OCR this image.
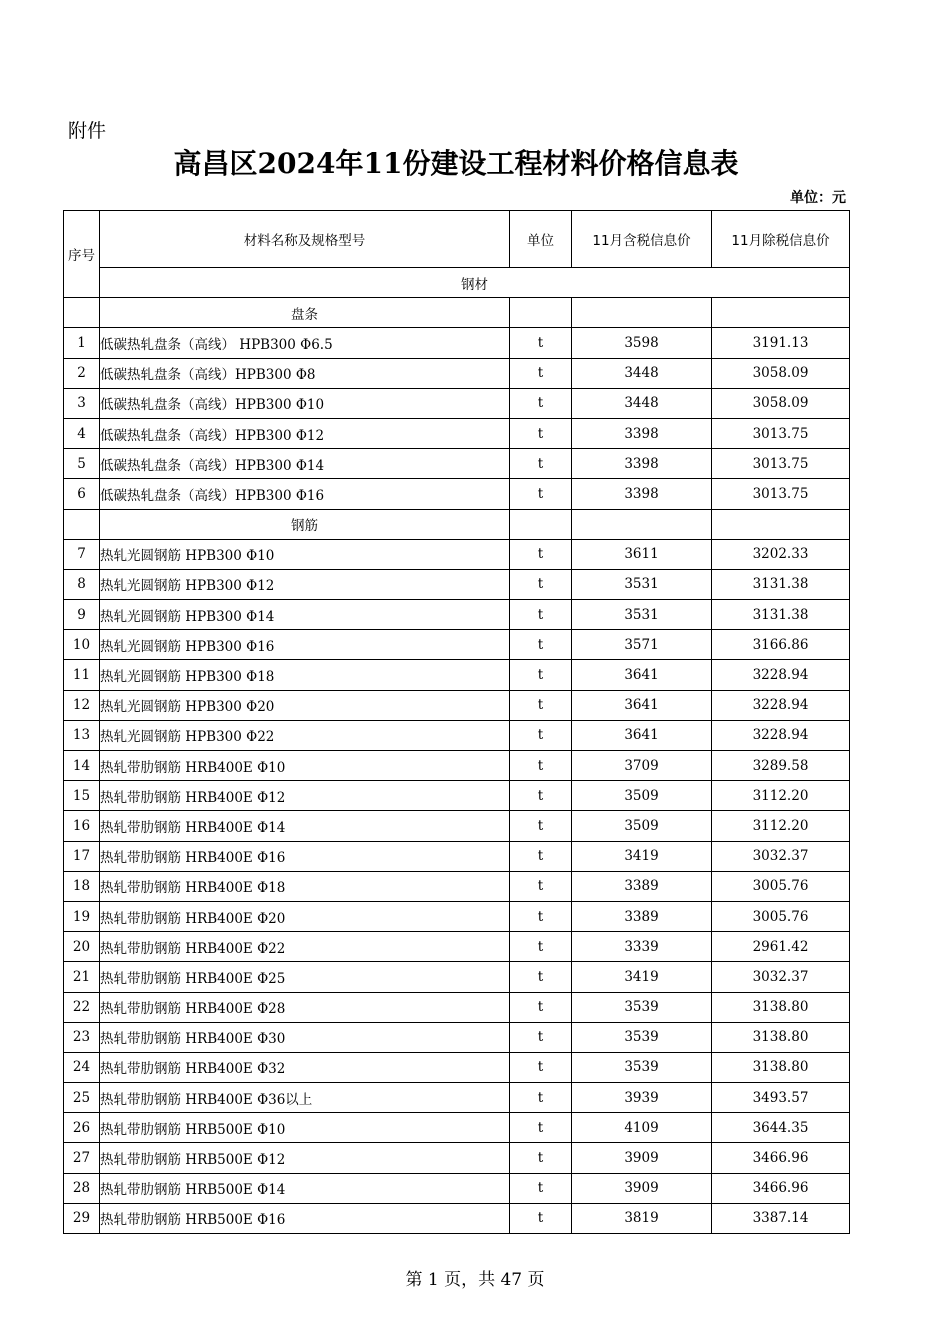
附件
高昌区2024年11份建设工程材料价格信息表
单位：元
序号	材料名称及规格型号	单位	11月含税信息价	11月除税信息价
	钢材			
	盘条			
1	低碳热轧盘条（高线） HPB300 Φ6.5	t	3598	3191.13
2	低碳热轧盘条（高线）HPB300 Φ8	t	3448	3058.09
3	低碳热轧盘条（高线）HPB300 Φ10	t	3448	3058.09
4	低碳热轧盘条（高线）HPB300 Φ12	t	3398	3013.75
5	低碳热轧盘条（高线）HPB300 Φ14	t	3398	3013.75
6	低碳热轧盘条（高线）HPB300 Φ16	t	3398	3013.75
	钢筋			
7	热轧光圆钢筋 HPB300 Φ10	t	3611	3202.33
8	热轧光圆钢筋 HPB300 Φ12	t	3531	3131.38
9	热轧光圆钢筋 HPB300 Φ14	t	3531	3131.38
10	热轧光圆钢筋 HPB300 Φ16	t	3571	3166.86
11	热轧光圆钢筋 HPB300 Φ18	t	3641	3228.94
12	热轧光圆钢筋 HPB300 Φ20	t	3641	3228.94
13	热轧光圆钢筋 HPB300 Φ22	t	3641	3228.94
14	热轧带肋钢筋 HRB400E Φ10	t	3709	3289.58
15	热轧带肋钢筋 HRB400E Φ12	t	3509	3112.20
16	热轧带肋钢筋 HRB400E Φ14	t	3509	3112.20
17	热轧带肋钢筋 HRB400E Φ16	t	3419	3032.37
18	热轧带肋钢筋 HRB400E Φ18	t	3389	3005.76
19	热轧带肋钢筋 HRB400E Φ20	t	3389	3005.76
20	热轧带肋钢筋 HRB400E Φ22	t	3339	2961.42
21	热轧带肋钢筋 HRB400E Φ25	t	3419	3032.37
22	热轧带肋钢筋 HRB400E Φ28	t	3539	3138.80
23	热轧带肋钢筋 HRB400E Φ30	t	3539	3138.80
24	热轧带肋钢筋 HRB400E Φ32	t	3539	3138.80
25	热轧带肋钢筋 HRB400E Φ36以上	t	3939	3493.57
26	热轧带肋钢筋 HRB500E Φ10	t	4109	3644.35
27	热轧带肋钢筋 HRB500E Φ12	t	3909	3466.96
28	热轧带肋钢筋 HRB500E Φ14	t	3909	3466.96
29	热轧带肋钢筋 HRB500E Φ16	t	3819	3387.14
第 1 页，共 47 页
